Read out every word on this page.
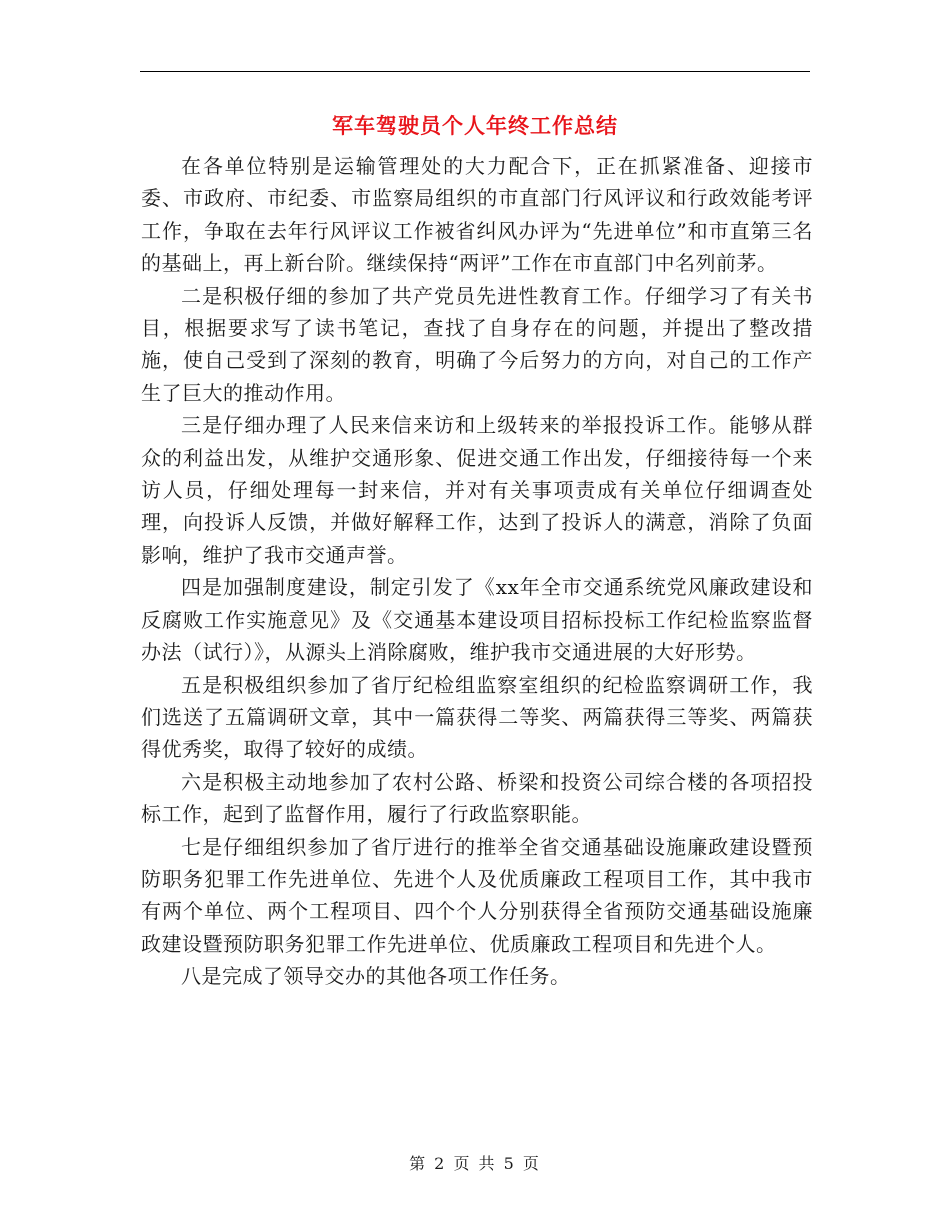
军车驾驶员个人年终工作总结

在各单位特别是运输管理处的大力配合下，正在抓紧准备、迎接市委、市政府、市纪委、市监察局组织的市直部门行风评议和行政效能考评工作，争取在去年行风评议工作被省纠风办评为“先进单位”和市直第三名的基础上，再上新台阶。继续保持“两评”工作在市直部门中名列前茅。

二是积极仔细的参加了共产党员先进性教育工作。仔细学习了有关书目，根据要求写了读书笔记，查找了自身存在的问题，并提出了整改措施，使自己受到了深刻的教育，明确了今后努力的方向，对自己的工作产生了巨大的推动作用。

三是仔细办理了人民来信来访和上级转来的举报投诉工作。能够从群众的利益出发，从维护交通形象、促进交通工作出发，仔细接待每一个来访人员，仔细处理每一封来信，并对有关事项责成有关单位仔细调查处理，向投诉人反馈，并做好解释工作，达到了投诉人的满意，消除了负面影响，维护了我市交通声誉。

四是加强制度建设，制定引发了《xx年全市交通系统党风廉政建设和反腐败工作实施意见》及《交通基本建设项目招标投标工作纪检监察监督办法（试行）》，从源头上消除腐败，维护我市交通进展的大好形势。

五是积极组织参加了省厅纪检组监察室组织的纪检监察调研工作，我们选送了五篇调研文章，其中一篇获得二等奖、两篇获得三等奖、两篇获得优秀奖，取得了较好的成绩。

六是积极主动地参加了农村公路、桥梁和投资公司综合楼的各项招投标工作，起到了监督作用，履行了行政监察职能。

七是仔细组织参加了省厅进行的推举全省交通基础设施廉政建设暨预防职务犯罪工作先进单位、先进个人及优质廉政工程项目工作，其中我市有两个单位、两个工程项目、四个个人分别获得全省预防交通基础设施廉政建设暨预防职务犯罪工作先进单位、优质廉政工程项目和先进个人。

八是完成了领导交办的其他各项工作任务。

第 2 页 共 5 页
